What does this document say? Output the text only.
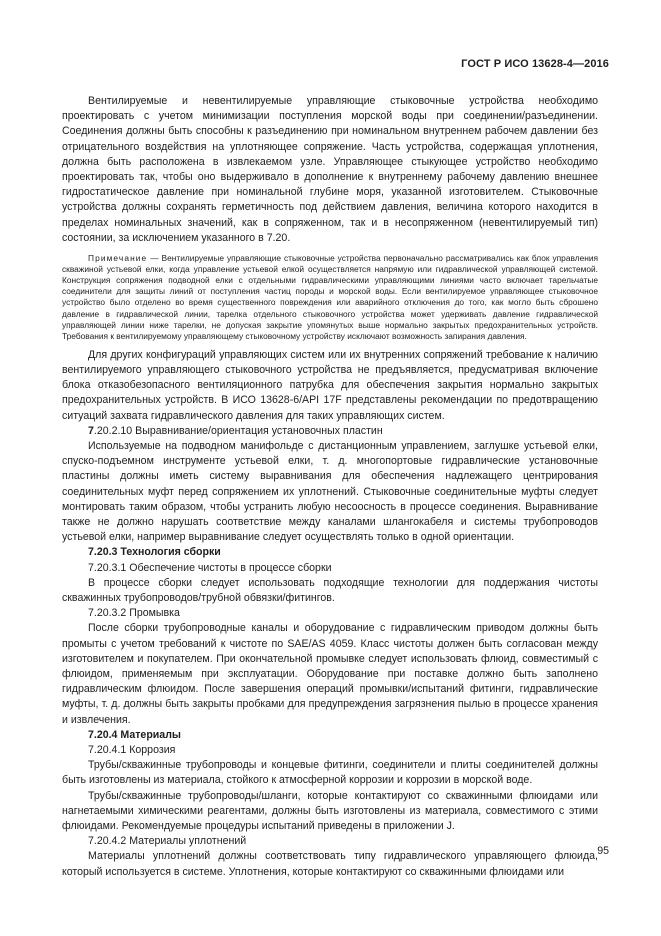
ГОСТ Р ИСО 13628-4—2016

Вентилируемые и невентилируемые управляющие стыковочные устройства необходимо проектировать с учетом минимизации поступления морской воды при соединении/разъединении. Соединения должны быть способны к разъединению при номинальном внутреннем рабочем давлении без отрицательного воздействия на уплотняющее сопряжение. Часть устройства, содержащая уплотнения, должна быть расположена в извлекаемом узле. Управляющее стыкующее устройство необходимо проектировать так, чтобы оно выдерживало в дополнение к внутреннему рабочему давлению внешнее гидростатическое давление при номинальной глубине моря, указанной изготовителем. Стыковочные устройства должны сохранять герметичность под действием давления, величина которого находится в пределах номинальных значений, как в сопряженном, так и в несопряженном (невентилируемый тип) состоянии, за исключением указанного в 7.20.

Примечание — Вентилируемые управляющие стыковочные устройства первоначально рассматривались как блок управления скважиной устьевой елки, когда управление устьевой елкой осуществляется напрямую или гидравлической управляющей системой. Конструкция сопряжения подводной елки с отдельными гидравлическими управляющими линиями часто включает тарельчатые соединители для защиты линий от поступления частиц породы и морской воды. Если вентилируемое управляющее стыковочное устройство было отделено во время существенного повреждения или аварийного отключения до того, как могло быть сброшено давление в гидравлической линии, тарелка отдельного стыковочного устройства может удерживать давление гидравлической управляющей линии ниже тарелки, не допуская закрытие упомянутых выше нормально закрытых предохранительных устройств. Требования к вентилируемому управляющему стыковочному устройству исключают возможность запирания давления.

Для других конфигураций управляющих систем или их внутренних сопряжений требование к наличию вентилируемого управляющего стыковочного устройства не предъявляется, предусматривая включение блока отказобезопасного вентиляционного патрубка для обеспечения закрытия нормально закрытых предохранительных устройств. В ИСО 13628-6/API 17F представлены рекомендации по предотвращению ситуаций захвата гидравлического давления для таких управляющих систем.

7.20.2.10 Выравнивание/ориентация установочных пластин

Используемые на подводном манифольде с дистанционным управлением, заглушке устьевой елки, спуско-подъемном инструменте устьевой елки, т. д. многопортовые гидравлические установочные пластины должны иметь систему выравнивания для обеспечения надлежащего центрирования соединительных муфт перед сопряжением их уплотнений. Стыковочные соединительные муфты следует монтировать таким образом, чтобы устранить любую несоосность в процессе соединения. Выравнивание также не должно нарушать соответствие между каналами шлангокабеля и системы трубопроводов устьевой елки, например выравнивание следует осуществлять только в одной ориентации.

7.20.3 Технология сборки

7.20.3.1 Обеспечение чистоты в процессе сборки

В процессе сборки следует использовать подходящие технологии для поддержания чистоты скважинных трубопроводов/трубной обвязки/фитингов.

7.20.3.2 Промывка

После сборки трубопроводные каналы и оборудование с гидравлическим приводом должны быть промыты с учетом требований к чистоте по SAE/AS 4059. Класс чистоты должен быть согласован между изготовителем и покупателем. При окончательной промывке следует использовать флюид, совместимый с флюидом, применяемым при эксплуатации. Оборудование при поставке должно быть заполнено гидравлическим флюидом. После завершения операций промывки/испытаний фитинги, гидравлические муфты, т. д. должны быть закрыты пробками для предупреждения загрязнения пылью в процессе хранения и извлечения.

7.20.4 Материалы

7.20.4.1 Коррозия

Трубы/скважинные трубопроводы и концевые фитинги, соединители и плиты соединителей должны быть изготовлены из материала, стойкого к атмосферной коррозии и коррозии в морской воде.

Трубы/скважинные трубопроводы/шланги, которые контактируют со скважинными флюидами или нагнетаемыми химическими реагентами, должны быть изготовлены из материала, совместимого с этими флюидами. Рекомендуемые процедуры испытаний приведены в приложении J.

7.20.4.2 Материалы уплотнений

Материалы уплотнений должны соответствовать типу гидравлического управляющего флюида, который используется в системе. Уплотнения, которые контактируют со скважинными флюидами или

95
